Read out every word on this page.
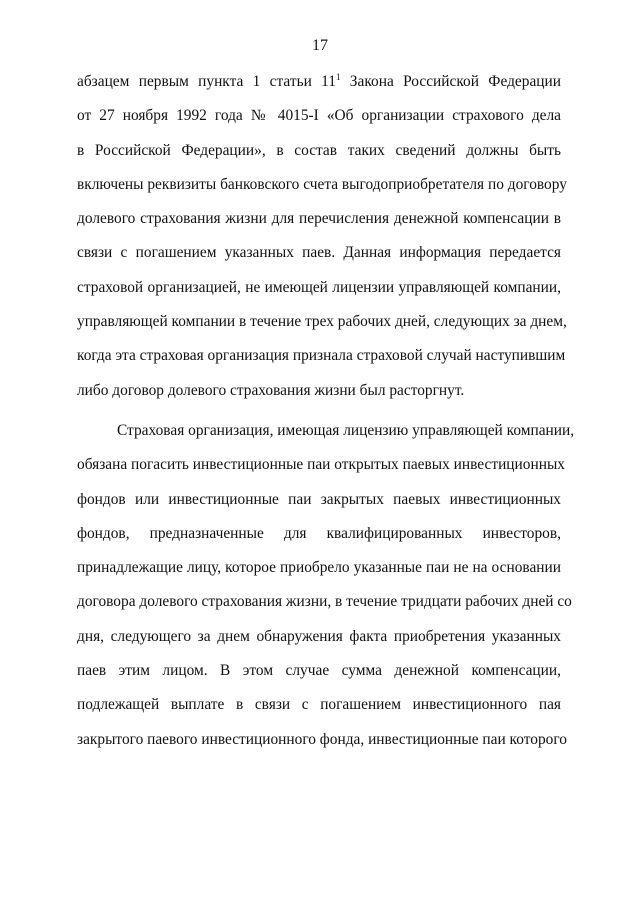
17
абзацем первым пункта 1 статьи $11^1$ Закона Российской Федерации
от 27 ноября 1992 года № 4015-I «Об организации страхового дела
в Российской Федерации», в состав таких сведений должны быть
включены реквизиты банковского счета выгодоприобретателя по договору
долевого страхования жизни для перечисления денежной компенсации в
связи с погашением указанных паев. Данная информация передается
страховой организацией, не имеющей лицензии управляющей компании,
управляющей компании в течение трех рабочих дней, следующих за днем,
когда эта страховая организация признала страховой случай наступившим
либо договор долевого страхования жизни был расторгнут.
Страховая организация, имеющая лицензию управляющей компании,
обязана погасить инвестиционные паи открытых паевых инвестиционных
фондов или инвестиционные паи закрытых паевых инвестиционных
фондов, предназначенные для квалифицированных инвесторов,
принадлежащие лицу, которое приобрело указанные паи не на основании
договора долевого страхования жизни, в течение тридцати рабочих дней со
дня, следующего за днем обнаружения факта приобретения указанных
паев этим лицом. В этом случае сумма денежной компенсации,
подлежащей выплате в связи с погашением инвестиционного пая
закрытого паевого инвестиционного фонда, инвестиционные паи которого
